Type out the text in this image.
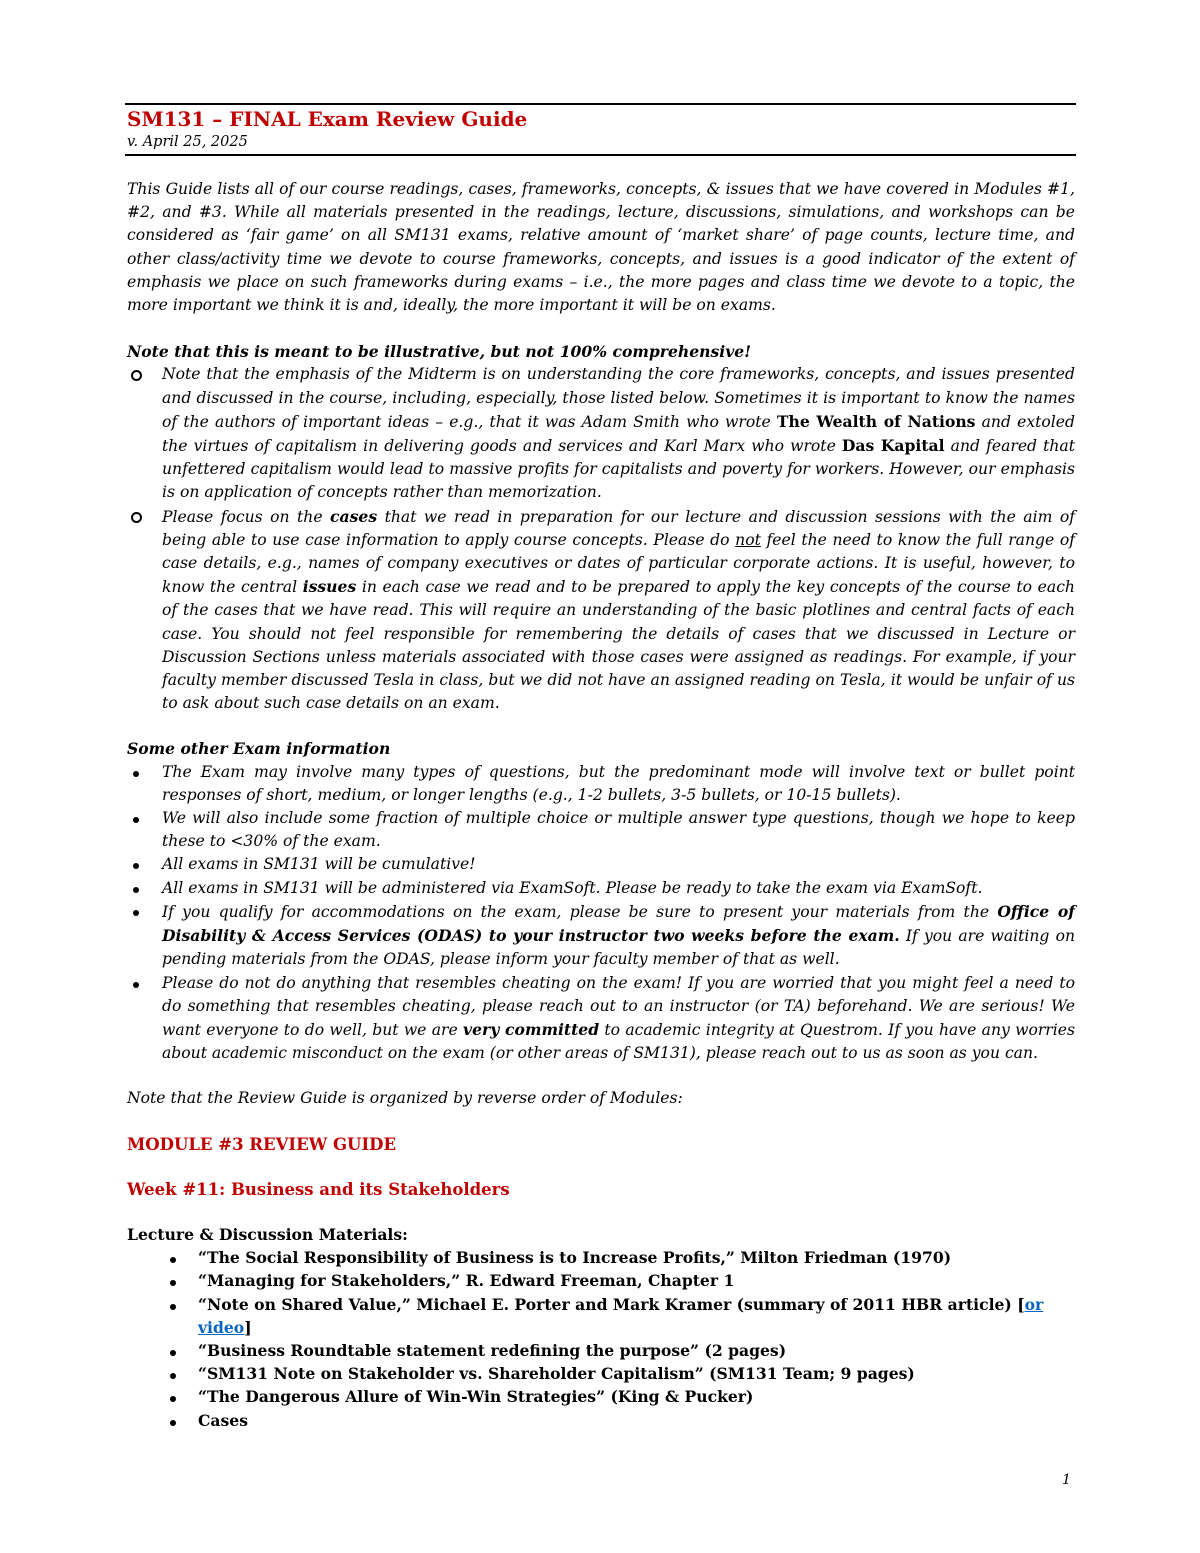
SM131 – FINAL Exam Review Guide
v. April 25, 2025

This Guide lists all of our course readings, cases, frameworks, concepts, & issues that we have covered in Modules #1, #2, and #3. While all materials presented in the readings, lecture, discussions, simulations, and workshops can be considered as ‘fair game’ on all SM131 exams, relative amount of ‘market share’ of page counts, lecture time, and other class/activity time we devote to course frameworks, concepts, and issues is a good indicator of the extent of emphasis we place on such frameworks during exams – i.e., the more pages and class time we devote to a topic, the more important we think it is and, ideally, the more important it will be on exams.

Note that this is meant to be illustrative, but not 100% comprehensive!

Note that the emphasis of the Midterm is on understanding the core frameworks, concepts, and issues presented and discussed in the course, including, especially, those listed below. Sometimes it is important to know the names of the authors of important ideas – e.g., that it was Adam Smith who wrote The Wealth of Nations and extoled the virtues of capitalism in delivering goods and services and Karl Marx who wrote Das Kapital and feared that unfettered capitalism would lead to massive profits for capitalists and poverty for workers. However, our emphasis is on application of concepts rather than memorization.
Please focus on the cases that we read in preparation for our lecture and discussion sessions with the aim of being able to use case information to apply course concepts. Please do not feel the need to know the full range of case details, e.g., names of company executives or dates of particular corporate actions. It is useful, however, to know the central issues in each case we read and to be prepared to apply the key concepts of the course to each of the cases that we have read. This will require an understanding of the basic plotlines and central facts of each case. You should not feel responsible for remembering the details of cases that we discussed in Lecture or Discussion Sections unless materials associated with those cases were assigned as readings. For example, if your faculty member discussed Tesla in class, but we did not have an assigned reading on Tesla, it would be unfair of us to ask about such case details on an exam.

Some other Exam information

The Exam may involve many types of questions, but the predominant mode will involve text or bullet point responses of short, medium, or longer lengths (e.g., 1-2 bullets, 3-5 bullets, or 10-15 bullets).
We will also include some fraction of multiple choice or multiple answer type questions, though we hope to keep these to <30% of the exam.
All exams in SM131 will be cumulative!
All exams in SM131 will be administered via ExamSoft. Please be ready to take the exam via ExamSoft.
If you qualify for accommodations on the exam, please be sure to present your materials from the Office of Disability & Access Services (ODAS) to your instructor two weeks before the exam. If you are waiting on pending materials from the ODAS, please inform your faculty member of that as well.
Please do not do anything that resembles cheating on the exam! If you are worried that you might feel a need to do something that resembles cheating, please reach out to an instructor (or TA) beforehand. We are serious! We want everyone to do well, but we are very committed to academic integrity at Questrom. If you have any worries about academic misconduct on the exam (or other areas of SM131), please reach out to us as soon as you can.

Note that the Review Guide is organized by reverse order of Modules:

MODULE #3 REVIEW GUIDE

Week #11: Business and its Stakeholders

Lecture & Discussion Materials:

“The Social Responsibility of Business is to Increase Profits,” Milton Friedman (1970)
“Managing for Stakeholders,” R. Edward Freeman, Chapter 1
“Note on Shared Value,” Michael E. Porter and Mark Kramer (summary of 2011 HBR article) [or video]
“Business Roundtable statement redefining the purpose” (2 pages)
“SM131 Note on Stakeholder vs. Shareholder Capitalism” (SM131 Team; 9 pages)
“The Dangerous Allure of Win-Win Strategies” (King & Pucker)
Cases
1
